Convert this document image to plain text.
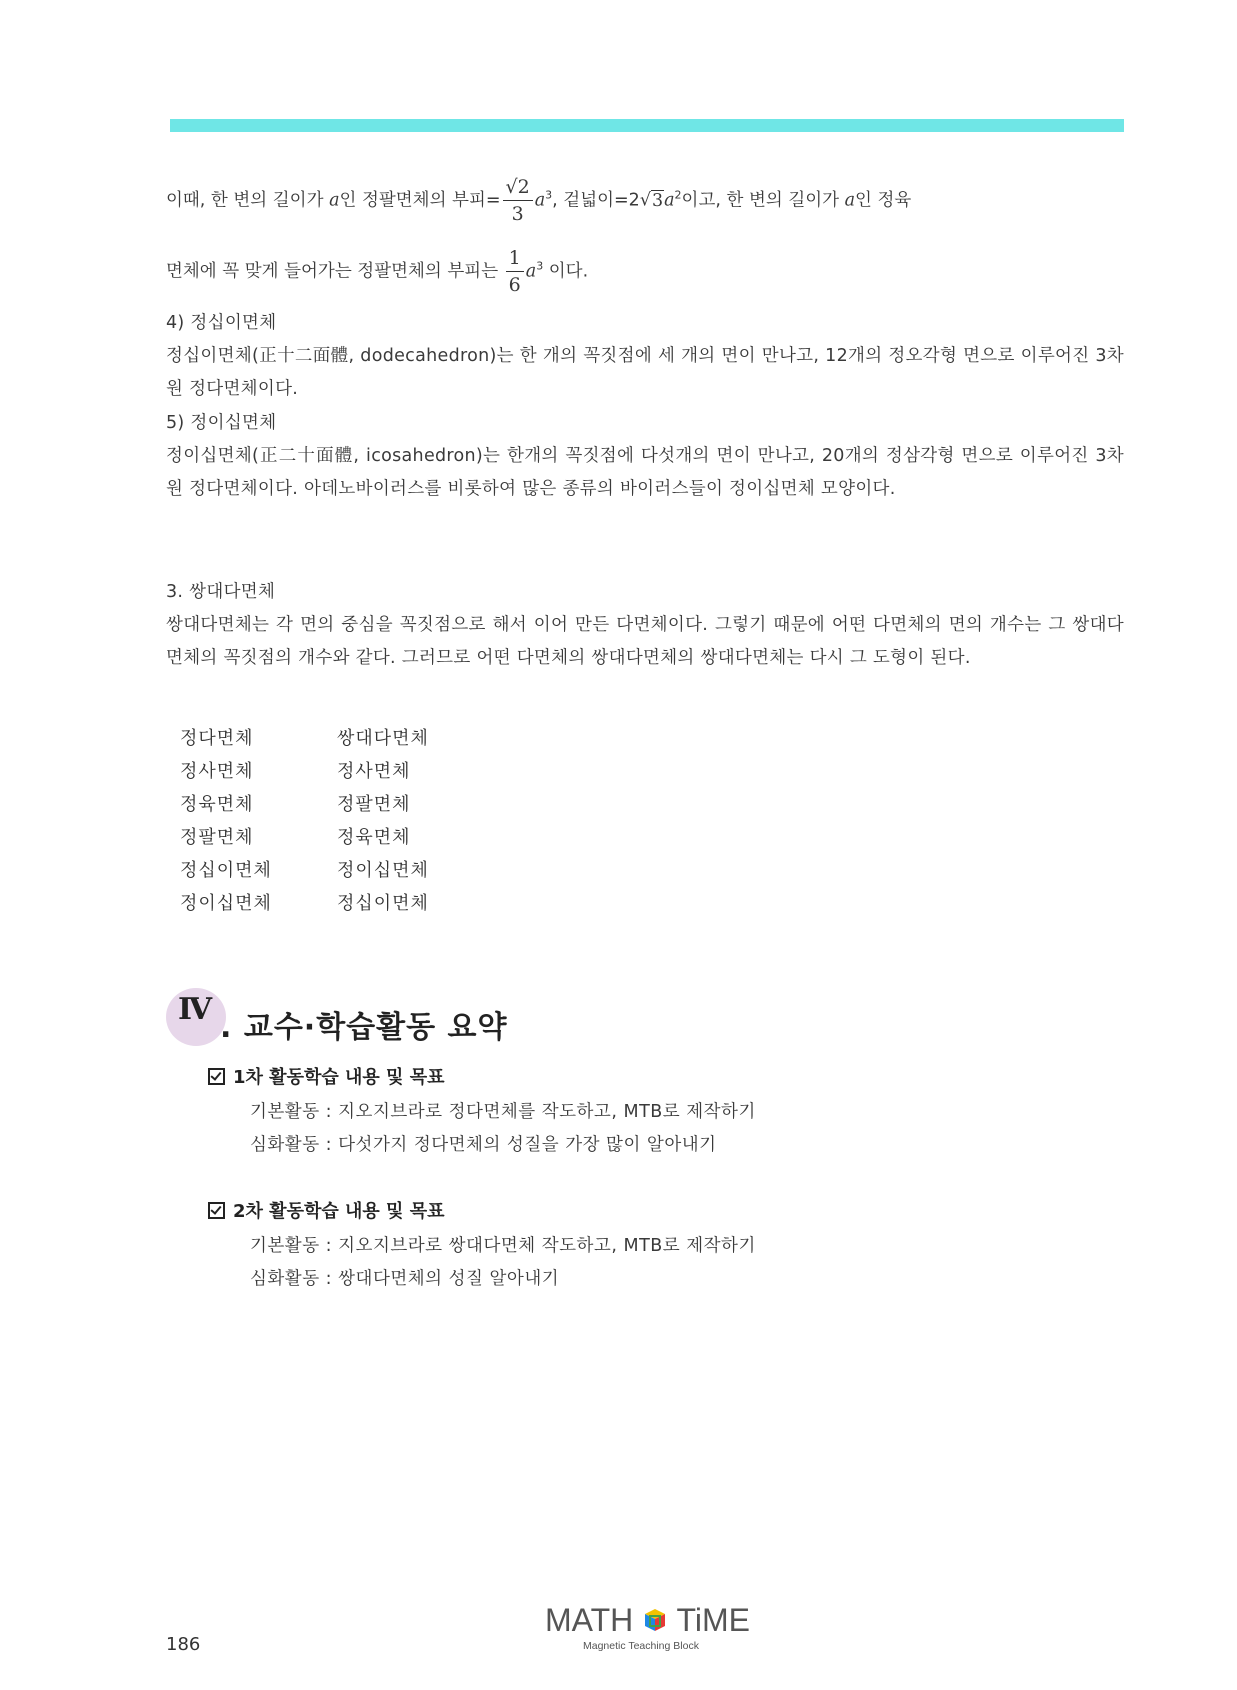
이때, 한 변의 길이가 a인 정팔면체의 부피= $\frac{√2}{3} a^3$, 겉넓이$=2√3a^2$이고, 한 변의 길이가 a인 정육
면체에 꼭 맞게 들어가는 정팔면체의 부피는 $\frac{1}{6} a^3$ 이다.
4) 정십이면체
정십이면체(正十二面體, dodecahedron)는 한 개의 꼭짓점에 세 개의 면이 만나고, 12개의 정오각형 면으로 이루어진 3차원 정다면체이다.
5) 정이십면체
정이십면체(正二十面體, icosahedron)는 한개의 꼭짓점에 다섯개의 면이 만나고, 20개의 정삼각형 면으로 이루어진 3차원 정다면체이다. 아데노바이러스를 비롯하여 많은 종류의 바이러스들이 정이십면체 모양이다.
3. 쌍대다면체
쌍대다면체는 각 면의 중심을 꼭짓점으로 해서 이어 만든 다면체이다. 그렇기 때문에 어떤 다면체의 면의 개수는 그 쌍대다면체의 꼭짓점의 개수와 같다. 그러므로 어떤 다면체의 쌍대다면체의 쌍대다면체는 다시 그 도형이 된다.
정다면체	쌍대다면체
정사면체	정사면체
정육면체	정팔면체
정팔면체	정육면체
정십이면체	정이십면체
정이십면체	정십이면체
Ⅳ
. 교수·학습활동 요약
1차 활동학습 내용 및 목표
기본활동 : 지오지브라로 정다면체를 작도하고, MTB로 제작하기
심화활동 : 다섯가지 정다면체의 성질을 가장 많이 알아내기
2차 활동학습 내용 및 목표
기본활동 : 지오지브라로 쌍대다면체 작도하고, MTB로 제작하기
심화활동 : 쌍대다면체의 성질 알아내기
186
MATH TiME
Magnetic Teaching Block
